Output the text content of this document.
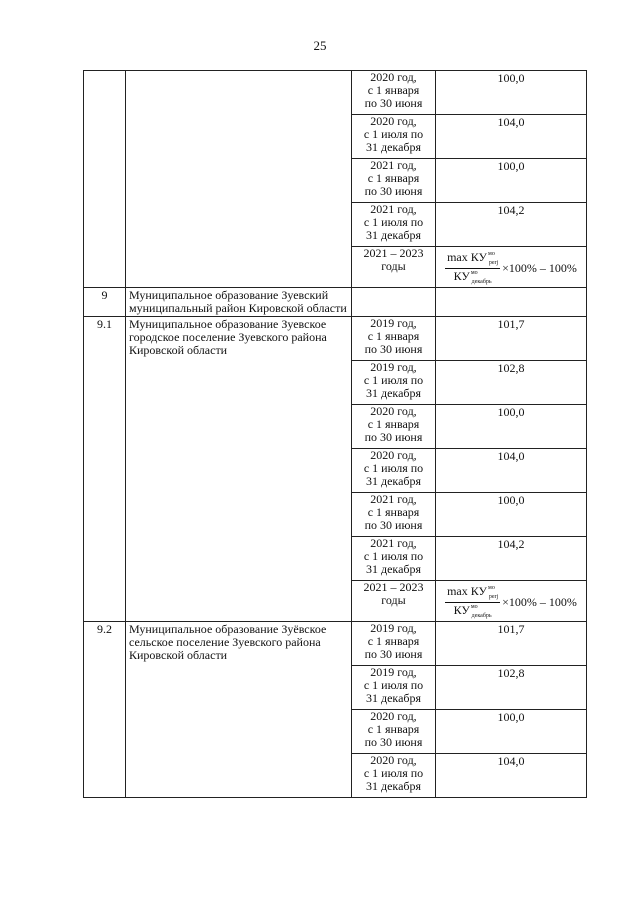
25
		2020 год,
с 1 января
по 30 июня	100,0
		2020 год,
с 1 июля по
31 декабря	104,0
		2021 год,
с 1 января
по 30 июня	100,0
		2021 год,
с 1 июля по
31 декабря	104,2
		2021 – 2023
годы	$\frac{\max КУ^{мо}_{perj}}{КУ^{мо}_{декабрь}} \times 100\% - 100\%$

9	Муниципальное образование Зуевский муниципальный район Кировской области		
9.1	Муниципальное образование Зуевское городское поселение Зуевского района Кировской области	2019 год,
с 1 января
по 30 июня	101,7
		2019 год,
с 1 июля по
31 декабря	102,8
		2020 год,
с 1 января
по 30 июня	100,0
		2020 год,
с 1 июля по
31 декабря	104,0
		2021 год,
с 1 января
по 30 июня	100,0
		2021 год,
с 1 июля по
31 декабря	104,2
		2021 – 2023
годы	$\frac{\max КУ^{мо}_{perj}}{КУ^{мо}_{декабрь}} \times 100\% - 100\%$

9.2	Муниципальное образование Зуёвское сельское поселение Зуевского района Кировской области	2019 год,
с 1 января
по 30 июня	101,7
		2019 год,
с 1 июля по
31 декабря	102,8
		2020 год,
с 1 января
по 30 июня	100,0
		2020 год,
с 1 июля по
31 декабря	104,0
